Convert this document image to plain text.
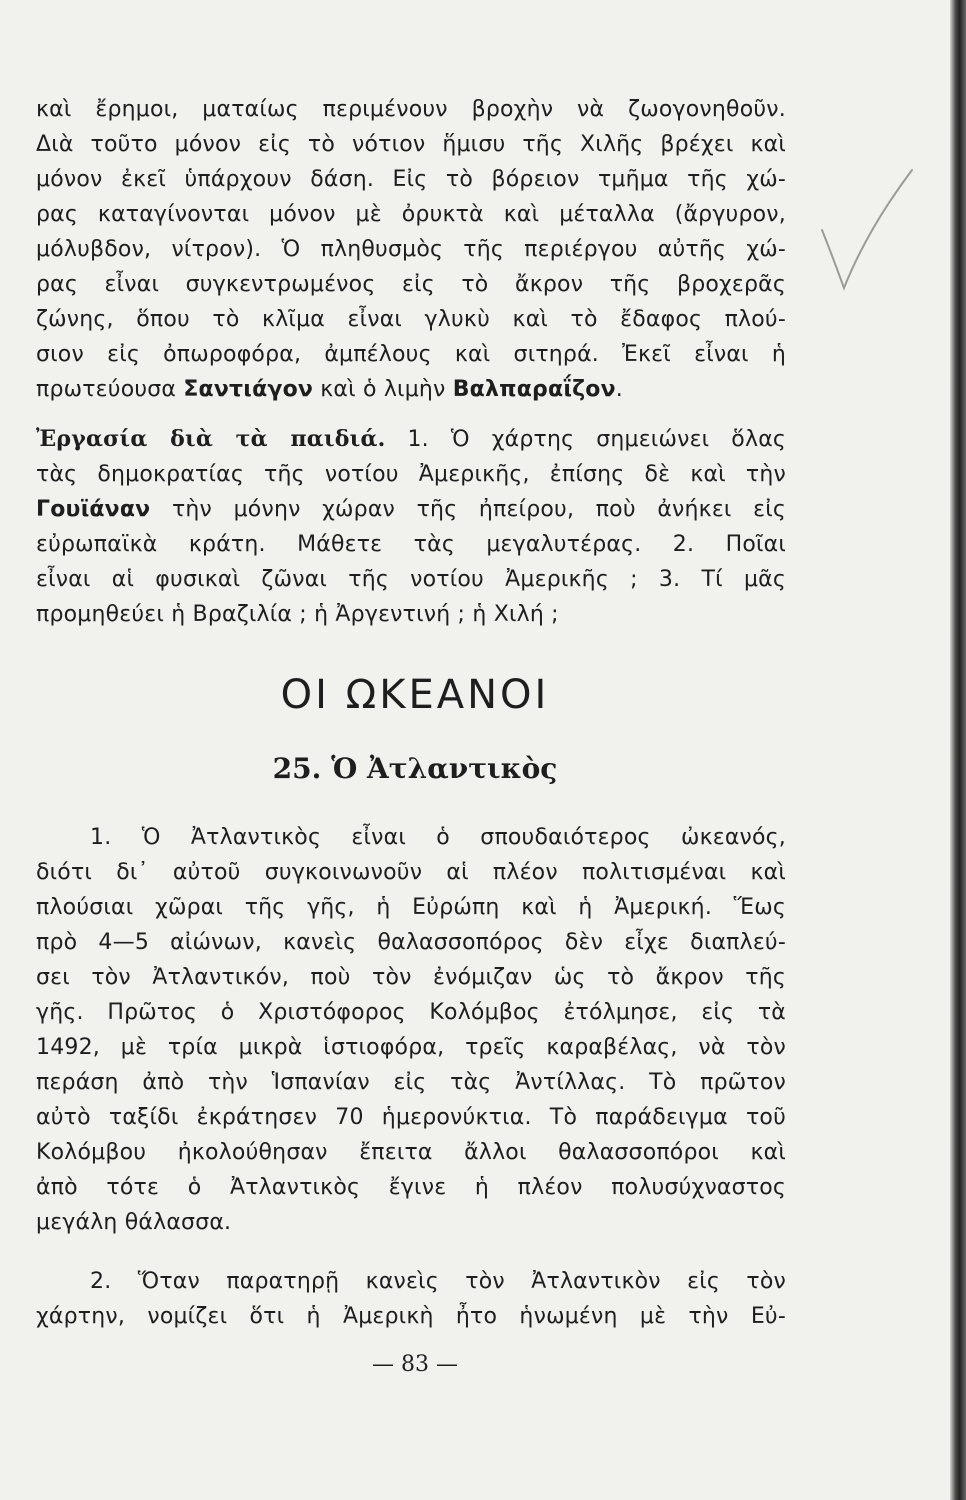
καὶ ἔρημοι, ματαίως περιμένουν βροχὴν νὰ ζωογονηθοῦν.
Διὰ τοῦτο μόνον εἰς τὸ νότιον ἥμισυ τῆς Χιλῆς βρέχει καὶ
μόνον ἐκεῖ ὑπάρχουν δάση. Εἰς τὸ βόρειον τμῆμα τῆς χώ-
ρας καταγίνονται μόνον μὲ ὀρυκτὰ καὶ μέταλλα (ἄργυρον,
μόλυβδον, νίτρον). Ὁ πληθυσμὸς τῆς περιέργου αὐτῆς χώ-
ρας εἶναι συγκεντρωμένος εἰς τὸ ἄκρον τῆς βροχερᾶς
ζώνης, ὅπου τὸ κλῖμα εἶναι γλυκὺ καὶ τὸ ἔδαφος πλού-
σιον εἰς ὀπωροφόρα, ἀμπέλους καὶ σιτηρά. Ἐκεῖ εἶναι ἡ
πρωτεύουσα Σαντιάγον καὶ ὁ λιμὴν Βαλπαραΐζον.
Ἐργασία διὰ τὰ παιδιά. 1. Ὁ χάρτης σημειώνει ὅλας
τὰς δημοκρατίας τῆς νοτίου Ἀμερικῆς, ἐπίσης δὲ καὶ τὴν
Γουϊάναν τὴν μόνην χώραν τῆς ἠπείρου, ποὺ ἀνήκει εἰς
εὐρωπαϊκὰ κράτη. Μάθετε τὰς μεγαλυτέρας. 2. Ποῖαι
εἶναι αἱ φυσικαὶ ζῶναι τῆς νοτίου Ἀμερικῆς ; 3. Τί μᾶς
προμηθεύει ἡ Βραζιλία ; ἡ Ἀργεντινή ; ἡ Χιλή ;
ΟΙ ΩΚΕΑΝΟΙ
25. Ὁ Ἀτλαντικὸς
1. Ὁ Ἀτλαντικὸς εἶναι ὁ σπουδαιότερος ὠκεανός,
διότι δι᾽ αὐτοῦ συγκοινωνοῦν αἱ πλέον πολιτισμέναι καὶ
πλούσιαι χῶραι τῆς γῆς, ἡ Εὐρώπη καὶ ἡ Ἀμερική. Ἕως
πρὸ 4—5 αἰώνων, κανεὶς θαλασσοπόρος δὲν εἶχε διαπλεύ-
σει τὸν Ἀτλαντικόν, ποὺ τὸν ἐνόμιζαν ὡς τὸ ἄκρον τῆς
γῆς. Πρῶτος ὁ Χριστόφορος Κολόμβος ἐτόλμησε, εἰς τὰ
1492, μὲ τρία μικρὰ ἱστιοφόρα, τρεῖς καραβέλας, νὰ τὸν
περάση ἀπὸ τὴν Ἱσπανίαν εἰς τὰς Ἀντίλλας. Τὸ πρῶτον
αὐτὸ ταξίδι ἐκράτησεν 70 ἡμερονύκτια. Τὸ παράδειγμα τοῦ
Κολόμβου ἠκολούθησαν ἔπειτα ἄλλοι θαλασσοπόροι καὶ
ἀπὸ τότε ὁ Ἀτλαντικὸς ἔγινε ἡ πλέον πολυσύχναστος
μεγάλη θάλασσα.
2. Ὅταν παρατηρῇ κανεὶς τὸν Ἀτλαντικὸν εἰς τὸν
χάρτην, νομίζει ὅτι ἡ Ἀμερικὴ ἦτο ἡνωμένη μὲ τὴν Εὐ-
— 83 —
